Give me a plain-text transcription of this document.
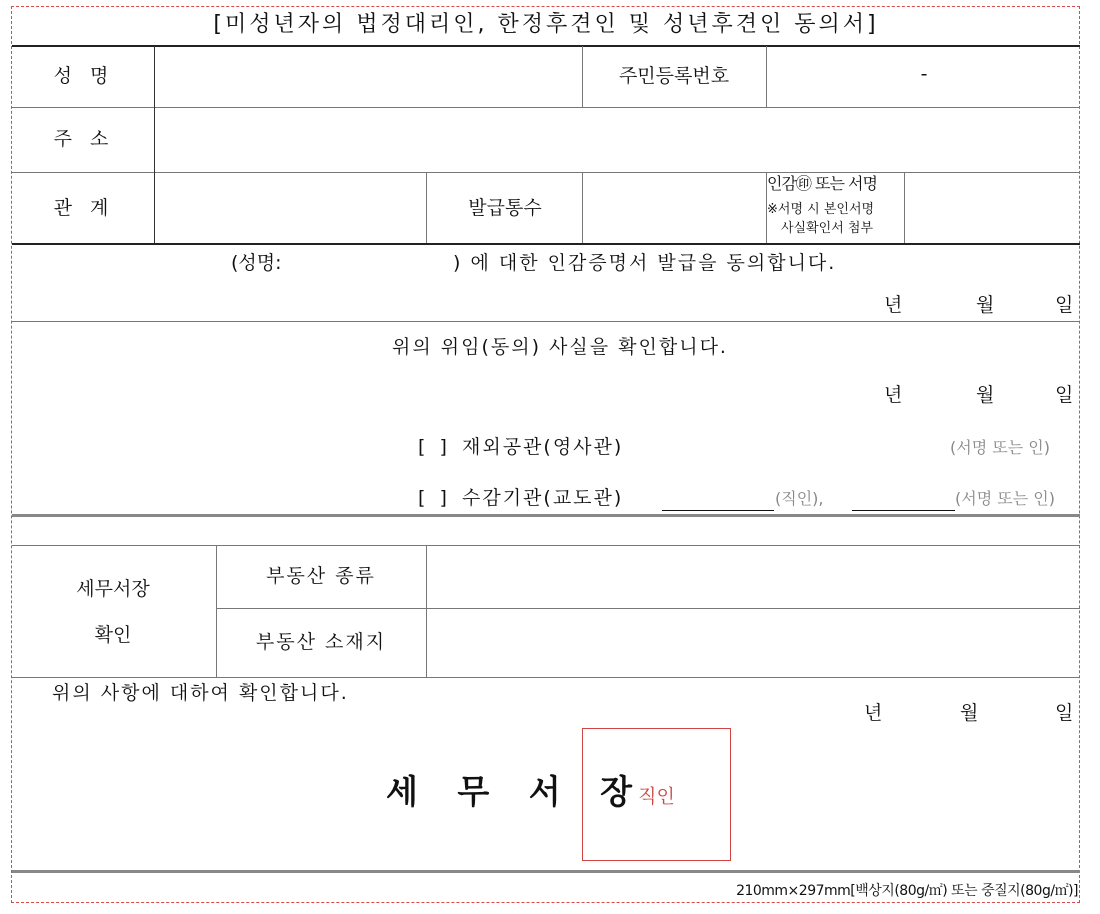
[미성년자의 법정대리인, 한정후견인 및 성년후견인 동의서]
성 명	주민등록번호	-
주 소
관 계	발급통수
인감㊞ 또는 서명
※서명 시 본인서명
사실확인서 첨부
(성명:	) 에 대한 인감증명서 발급을 동의합니다.
년	월	일
위의 위임(동의) 사실을 확인합니다.
년	월	일
[ ] 재외공관(영사관)	(서명 또는 인)
[ ] 수감기관(교도관)	(직인),	(서명 또는 인)
세무서장
확인
부동산 종류
부동산 소재지
위의 사항에 대하여 확인합니다.
년	월	일
세 무 서 장
직인
210mm×297mm[백상지(80g/㎡) 또는 중질지(80g/㎡)]
